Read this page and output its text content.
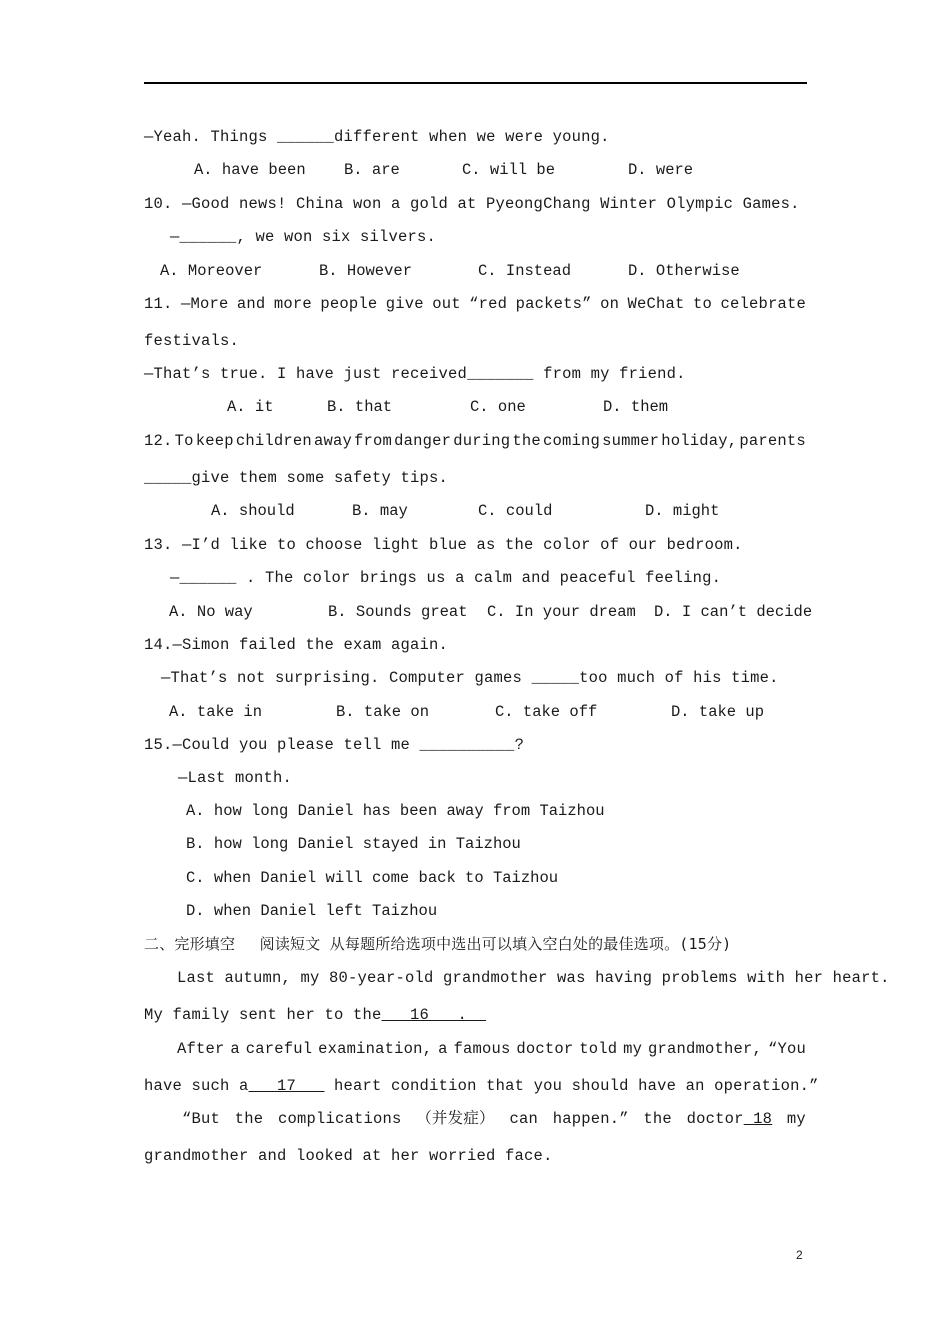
—Yeah. Things ______different when we were young.
A. have been B. are	C. will be	D. were
10. —Good news! China won a gold at PyeongChang Winter Olympic Games.
—______, we won six silvers.
A. Moreover	B. However	C. Instead	D. Otherwise
11. —More and more people give out “red packets” on WeChat to celebrate
festivals.
—That’s true. I have just received_______ from my friend.
A. it	B. that	C. one	D. them
12. To keep children away from danger during the coming summer holiday, parents
_____give them some safety tips.
A. should	B. may	C. could	D. might
13. —I’d like to choose light blue as the color of our bedroom.
—______ . The color brings us a calm and peaceful feeling.
A. No way	B. Sounds great C. In your dream D. I can’t decide
14.—Simon failed the exam again.
—That’s not surprising. Computer games _____too much of his time.
A. take in	B. take on	C. take off	D. take up
15.—Could you please tell me __________?
—Last month.
A. how long Daniel has been away from Taizhou
B. how long Daniel stayed in Taizhou
C. when Daniel will come back to Taizhou
D. when Daniel left Taizhou
二、完形填空　 阅读短文 从每题所给选项中选出可以填入空白处的最佳选项。(15分)
Last autumn, my 80-year-old grandmother was having problems with her heart.
My family sent her to the   16   .
After a careful examination, a famous doctor told my grandmother, “You
have such a   17    heart condition that you should have an operation.”
“But the complications （并发症） can happen.” the doctor 18 my
grandmother and looked at her worried face.
2
